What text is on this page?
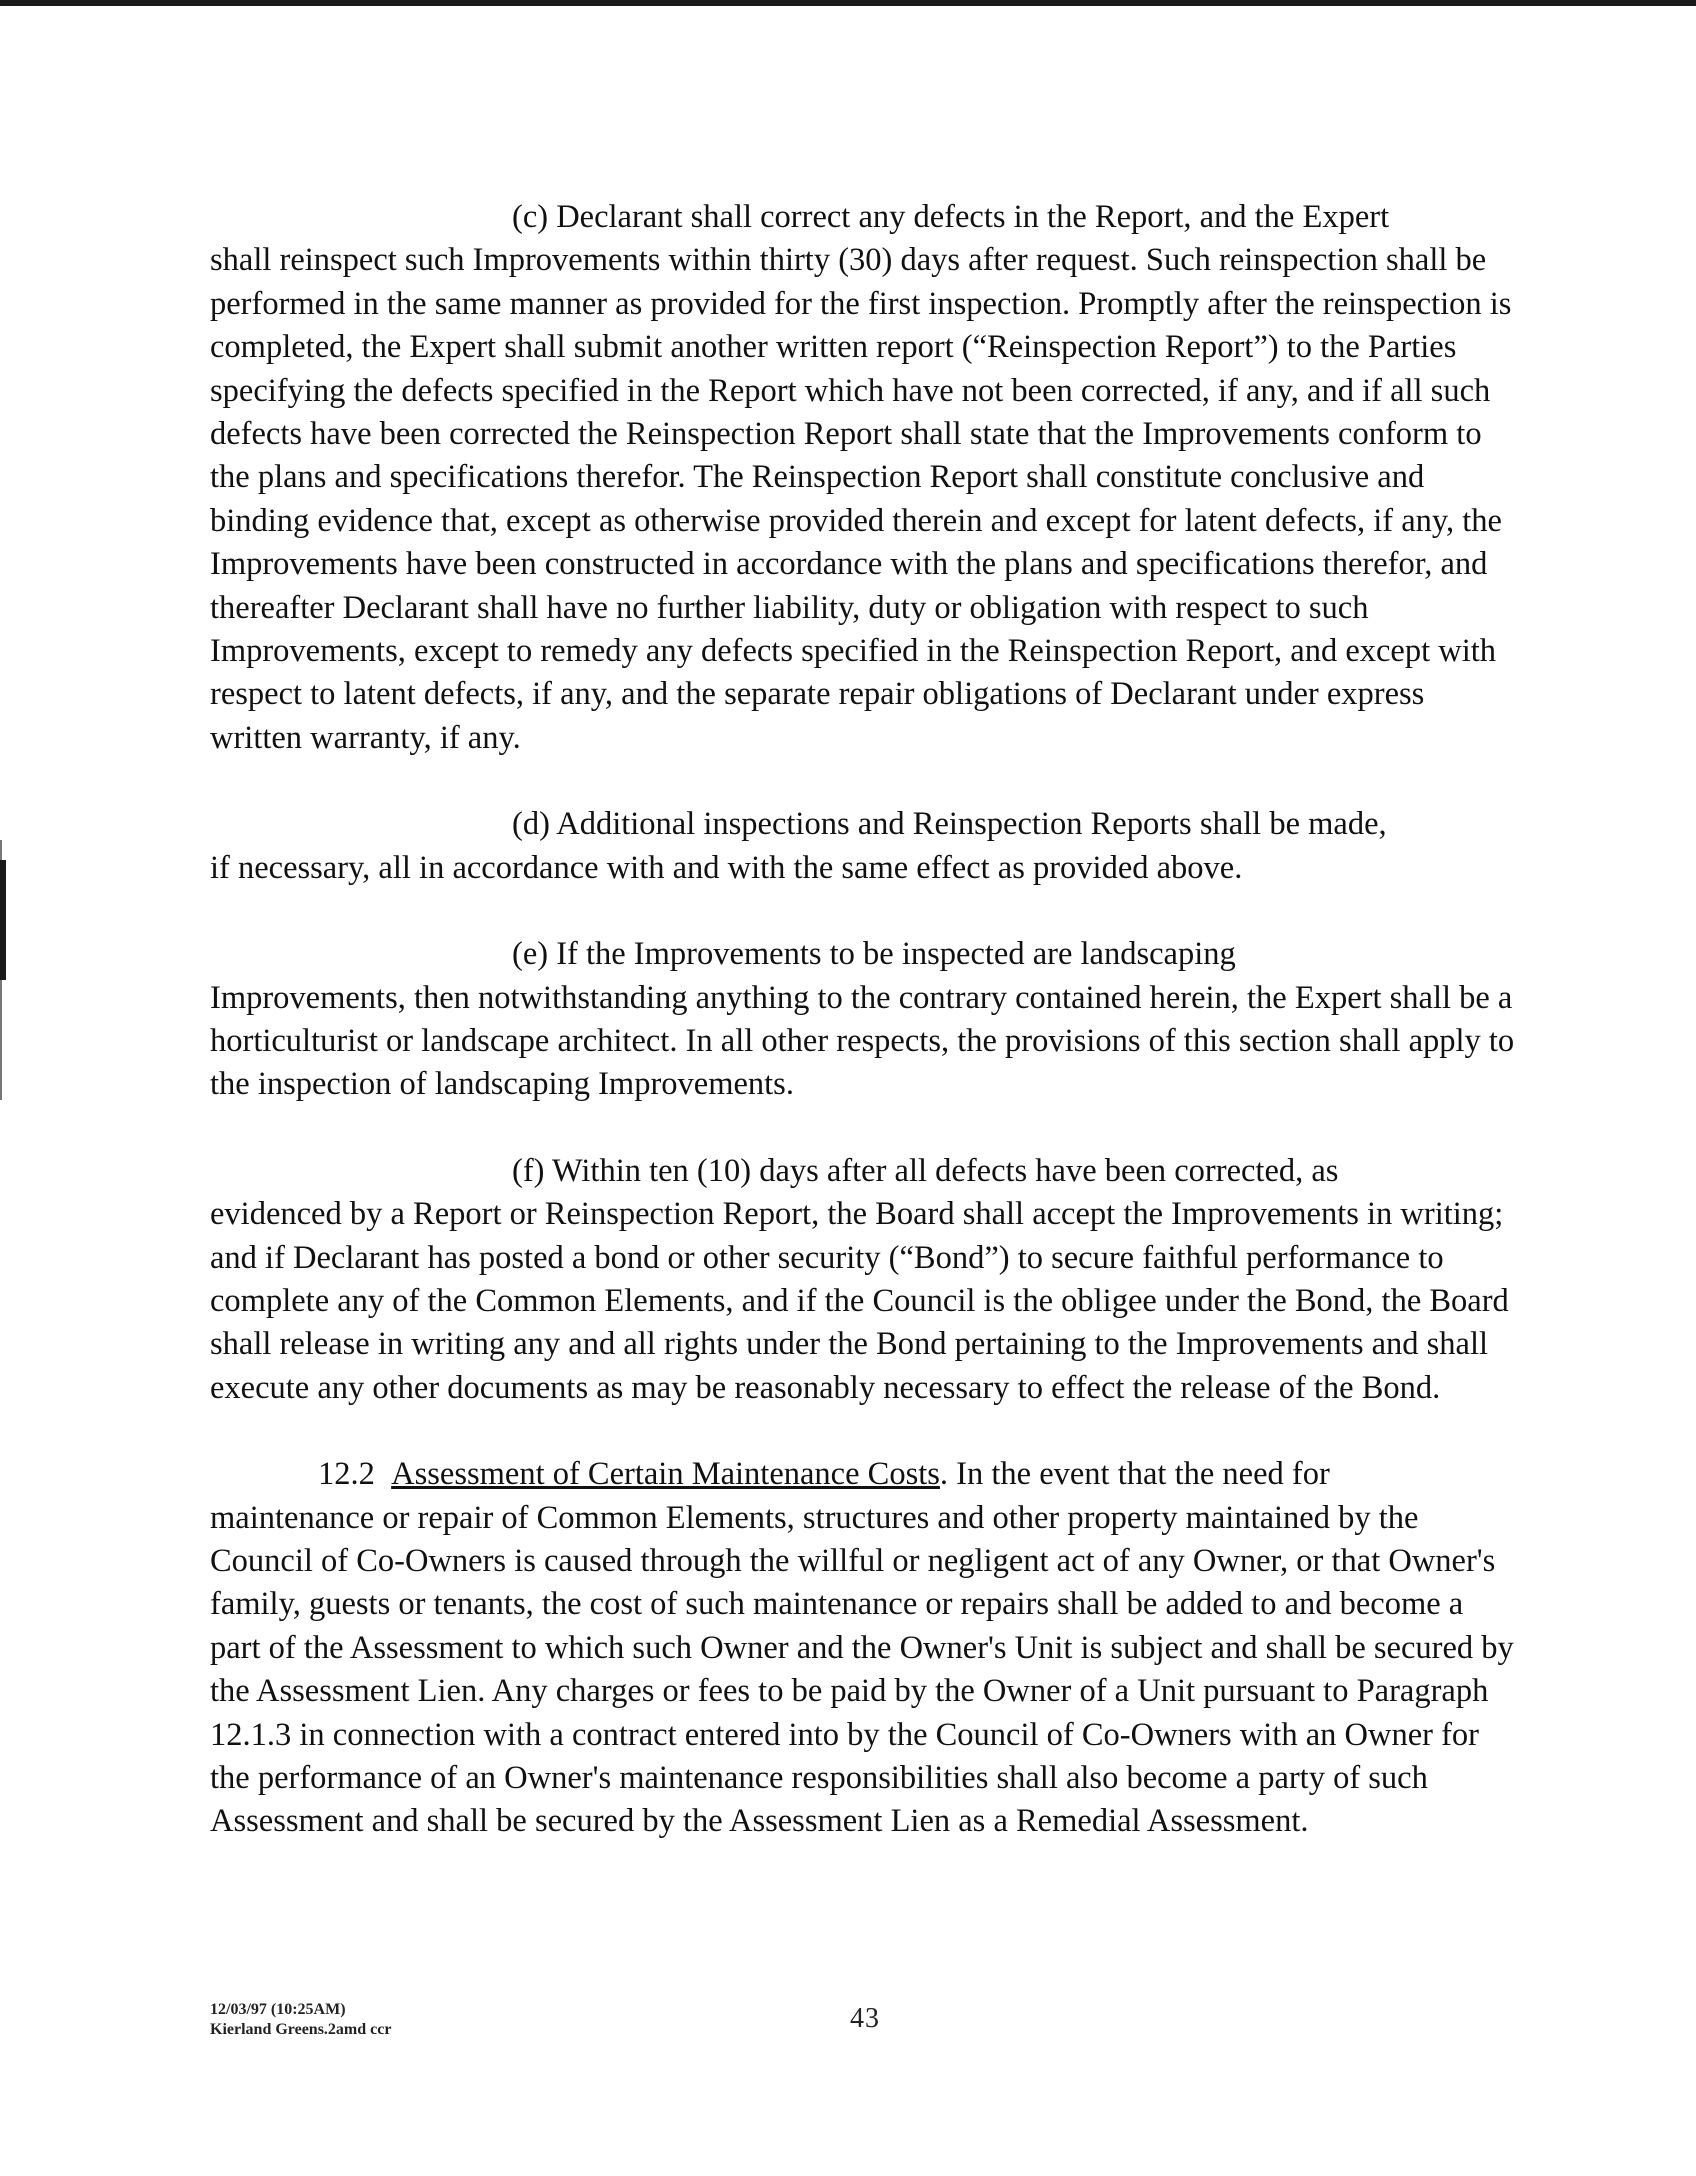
(c) Declarant shall correct any defects in the Report, and the Expert
shall reinspect such Improvements within thirty (30) days after request. Such reinspection shall be performed in the same manner as provided for the first inspection. Promptly after the reinspection is completed, the Expert shall submit another written report (“Reinspection Report”) to the Parties specifying the defects specified in the Report which have not been corrected, if any, and if all such defects have been corrected the Reinspection Report shall state that the Improvements conform to the plans and specifications therefor. The Reinspection Report shall constitute conclusive and binding evidence that, except as otherwise provided therein and except for latent defects, if any, the Improvements have been constructed in accordance with the plans and specifications therefor, and thereafter Declarant shall have no further liability, duty or obligation with respect to such Improvements, except to remedy any defects specified in the Reinspection Report, and except with respect to latent defects, if any, and the separate repair obligations of Declarant under express written warranty, if any.

(d) Additional inspections and Reinspection Reports shall be made,
if necessary, all in accordance with and with the same effect as provided above.

(e) If the Improvements to be inspected are landscaping
Improvements, then notwithstanding anything to the contrary contained herein, the Expert shall be a horticulturist or landscape architect. In all other respects, the provisions of this section shall apply to the inspection of landscaping Improvements.

(f) Within ten (10) days after all defects have been corrected, as
evidenced by a Report or Reinspection Report, the Board shall accept the Improvements in writing; and if Declarant has posted a bond or other security (“Bond”) to secure faithful performance to complete any of the Common Elements, and if the Council is the obligee under the Bond, the Board shall release in writing any and all rights under the Bond pertaining to the Improvements and shall execute any other documents as may be reasonably necessary to effect the release of the Bond.

12.2 Assessment of Certain Maintenance Costs. In the event that the need for
maintenance or repair of Common Elements, structures and other property maintained by the Council of Co-Owners is caused through the willful or negligent act of any Owner, or that Owner's family, guests or tenants, the cost of such maintenance or repairs shall be added to and become a part of the Assessment to which such Owner and the Owner's Unit is subject and shall be secured by the Assessment Lien. Any charges or fees to be paid by the Owner of a Unit pursuant to Paragraph 12.1.3 in connection with a contract entered into by the Council of Co-Owners with an Owner for the performance of an Owner's maintenance responsibilities shall also become a party of such Assessment and shall be secured by the Assessment Lien as a Remedial Assessment.

12/03/97 (10:25AM)
Kierland Greens.2amd ccr	43
